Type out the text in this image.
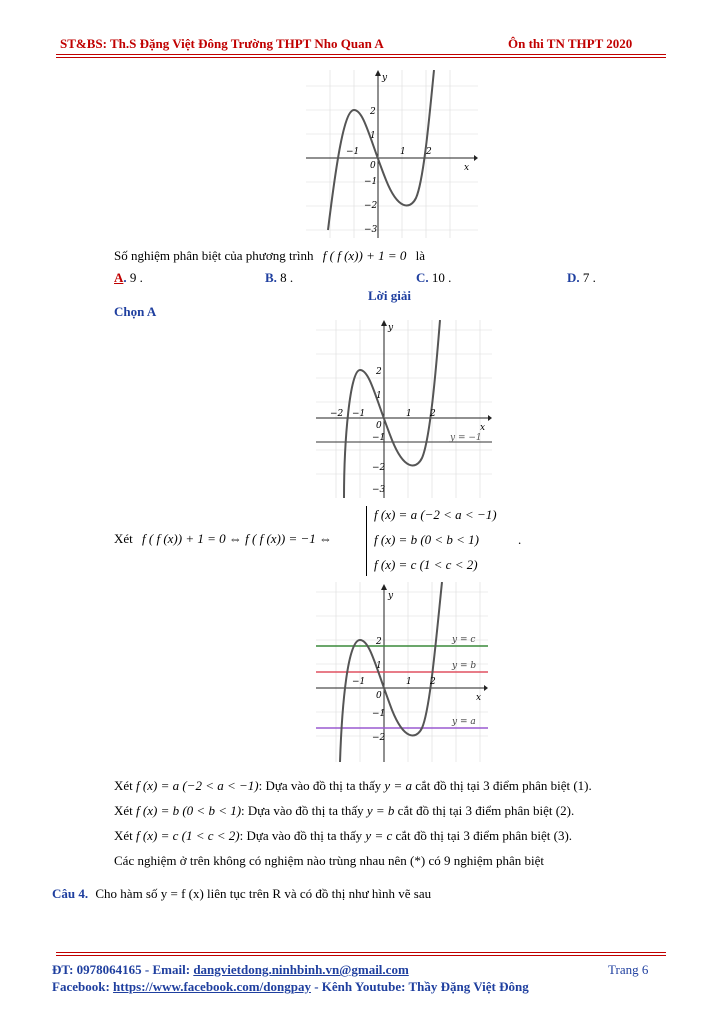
ST&BS: Th.S Đặng Việt Đông Trường THPT Nho Quan A	Ôn thi TN THPT 2020
x
y
−1	1 2
0
2
1
−1
−2
−3
Số nghiệm phân biệt của phương trình f ( f (x)) + 1 = 0 là
A. 9 .	B. 8 .	C. 10 .	D. 7 .
Lời giải
Chọn A
x
y
−2 −1	1 2
0
2
1
−1
−2
−3
y = −1
Xét f ( f (x)) + 1 = 0 ⇔ f ( f (x)) = −1 ⇔
f (x) = a (−2 < a < −1)
f (x) = b (0 < b < 1)
f (x) = c (1 < c < 2)
.
x
y
−1	1 2
0
2
1
−1
−2
y = c
y = b
y = a
Xét f (x) = a (−2 < a < −1): Dựa vào đồ thị ta thấy y = a cắt đồ thị tại 3 điểm phân biệt (1).
Xét f (x) = b (0 < b < 1): Dựa vào đồ thị ta thấy y = b cắt đồ thị tại 3 điểm phân biệt (2).
Xét f (x) = c (1 < c < 2): Dựa vào đồ thị ta thấy y = c cắt đồ thị tại 3 điểm phân biệt (3).
Các nghiệm ở trên không có nghiệm nào trùng nhau nên (*) có 9 nghiệm phân biệt
Câu 4. Cho hàm số y = f (x) liên tục trên R và có đồ thị như hình vẽ sau
ĐT: 0978064165 - Email: dangvietdong.ninhbinh.vn@gmail.com	Trang 6
Facebook: https://www.facebook.com/dongpay - Kênh Youtube: Thầy Đặng Việt Đông
